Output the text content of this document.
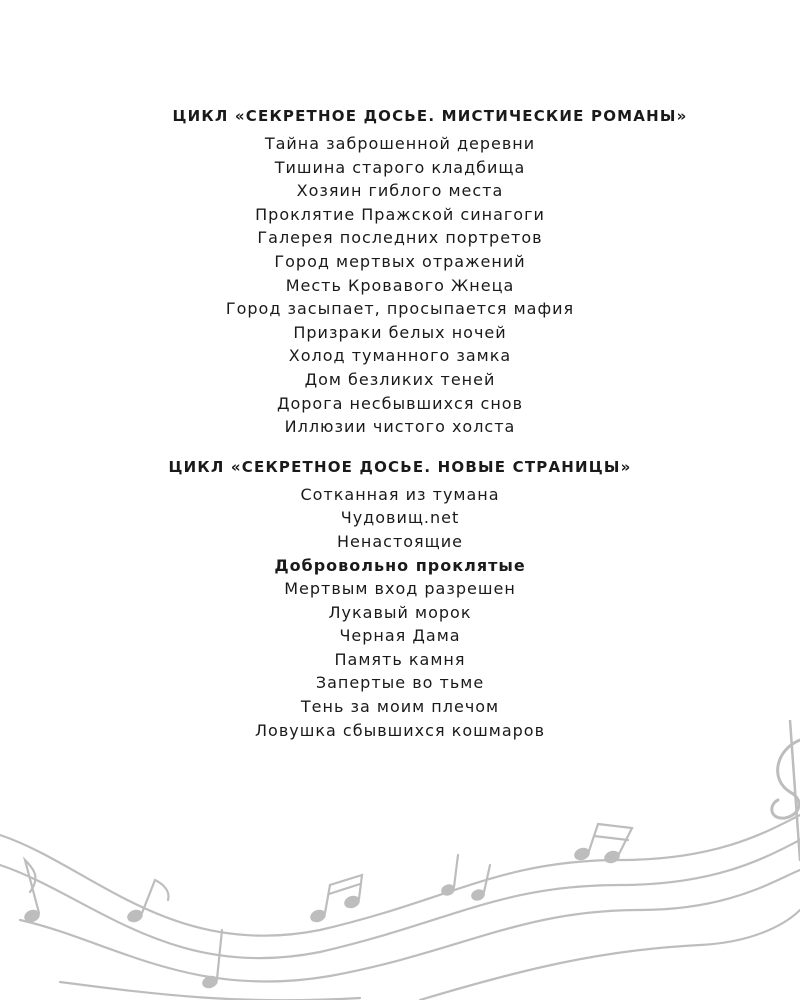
ЦИКЛ «СЕКРЕТНОЕ ДОСЬЕ. МИСТИЧЕСКИЕ РОМАНЫ»
Тайна заброшенной деревни
Тишина старого кладбища
Хозяин гиблого места
Проклятие Пражской синагоги
Галерея последних портретов
Город мертвых отражений
Месть Кровавого Жнеца
Город засыпает, просыпается мафия
Призраки белых ночей
Холод туманного замка
Дом безликих теней
Дорога несбывшихся снов
Иллюзии чистого холста
ЦИКЛ «СЕКРЕТНОЕ ДОСЬЕ. НОВЫЕ СТРАНИЦЫ»
Сотканная из тумана
Чудовищ.net
Ненастоящие
Добровольно проклятые
Мертвым вход разрешен
Лукавый морок
Черная Дама
Память камня
Запертые во тьме
Тень за моим плечом
Ловушка сбывшихся кошмаров
